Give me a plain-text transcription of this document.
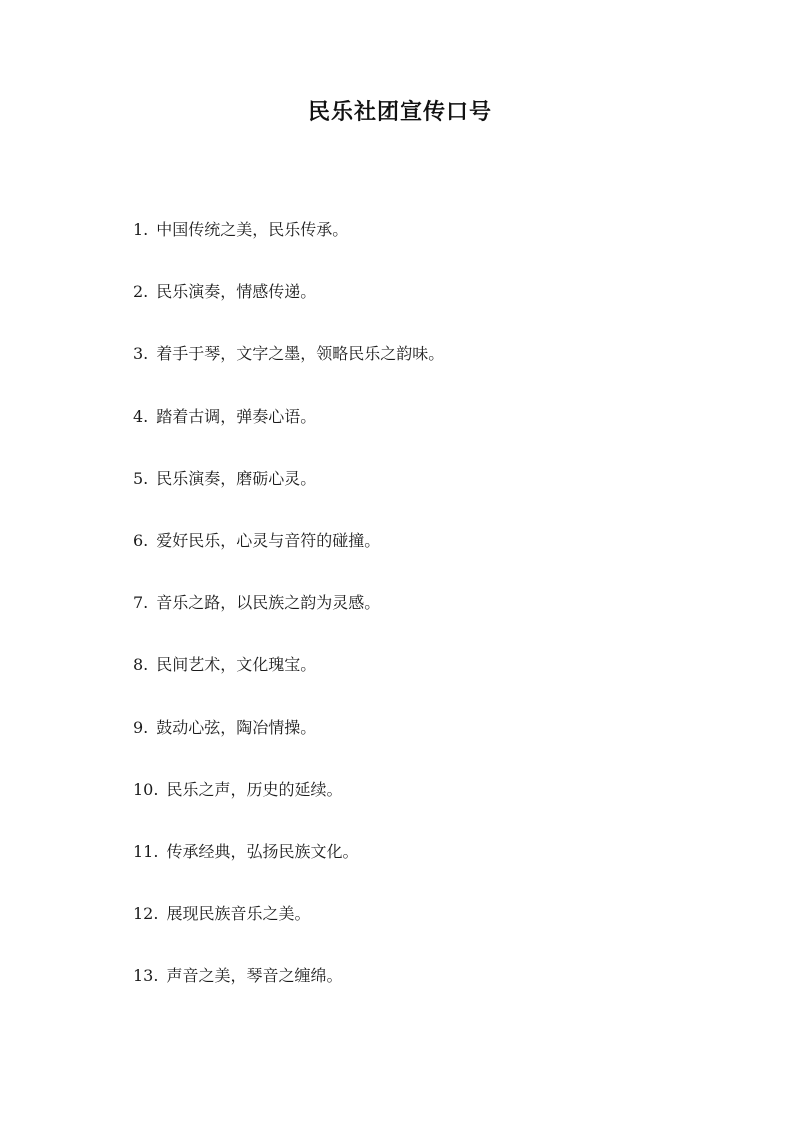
民乐社团宣传口号
1. 中国传统之美，民乐传承。
2. 民乐演奏，情感传递。
3. 着手于琴，文字之墨，领略民乐之韵味。
4. 踏着古调，弹奏心语。
5. 民乐演奏，磨砺心灵。
6. 爱好民乐，心灵与音符的碰撞。
7. 音乐之路，以民族之韵为灵感。
8. 民间艺术，文化瑰宝。
9. 鼓动心弦，陶冶情操。
10. 民乐之声，历史的延续。
11. 传承经典，弘扬民族文化。
12. 展现民族音乐之美。
13. 声音之美，琴音之缠绵。
